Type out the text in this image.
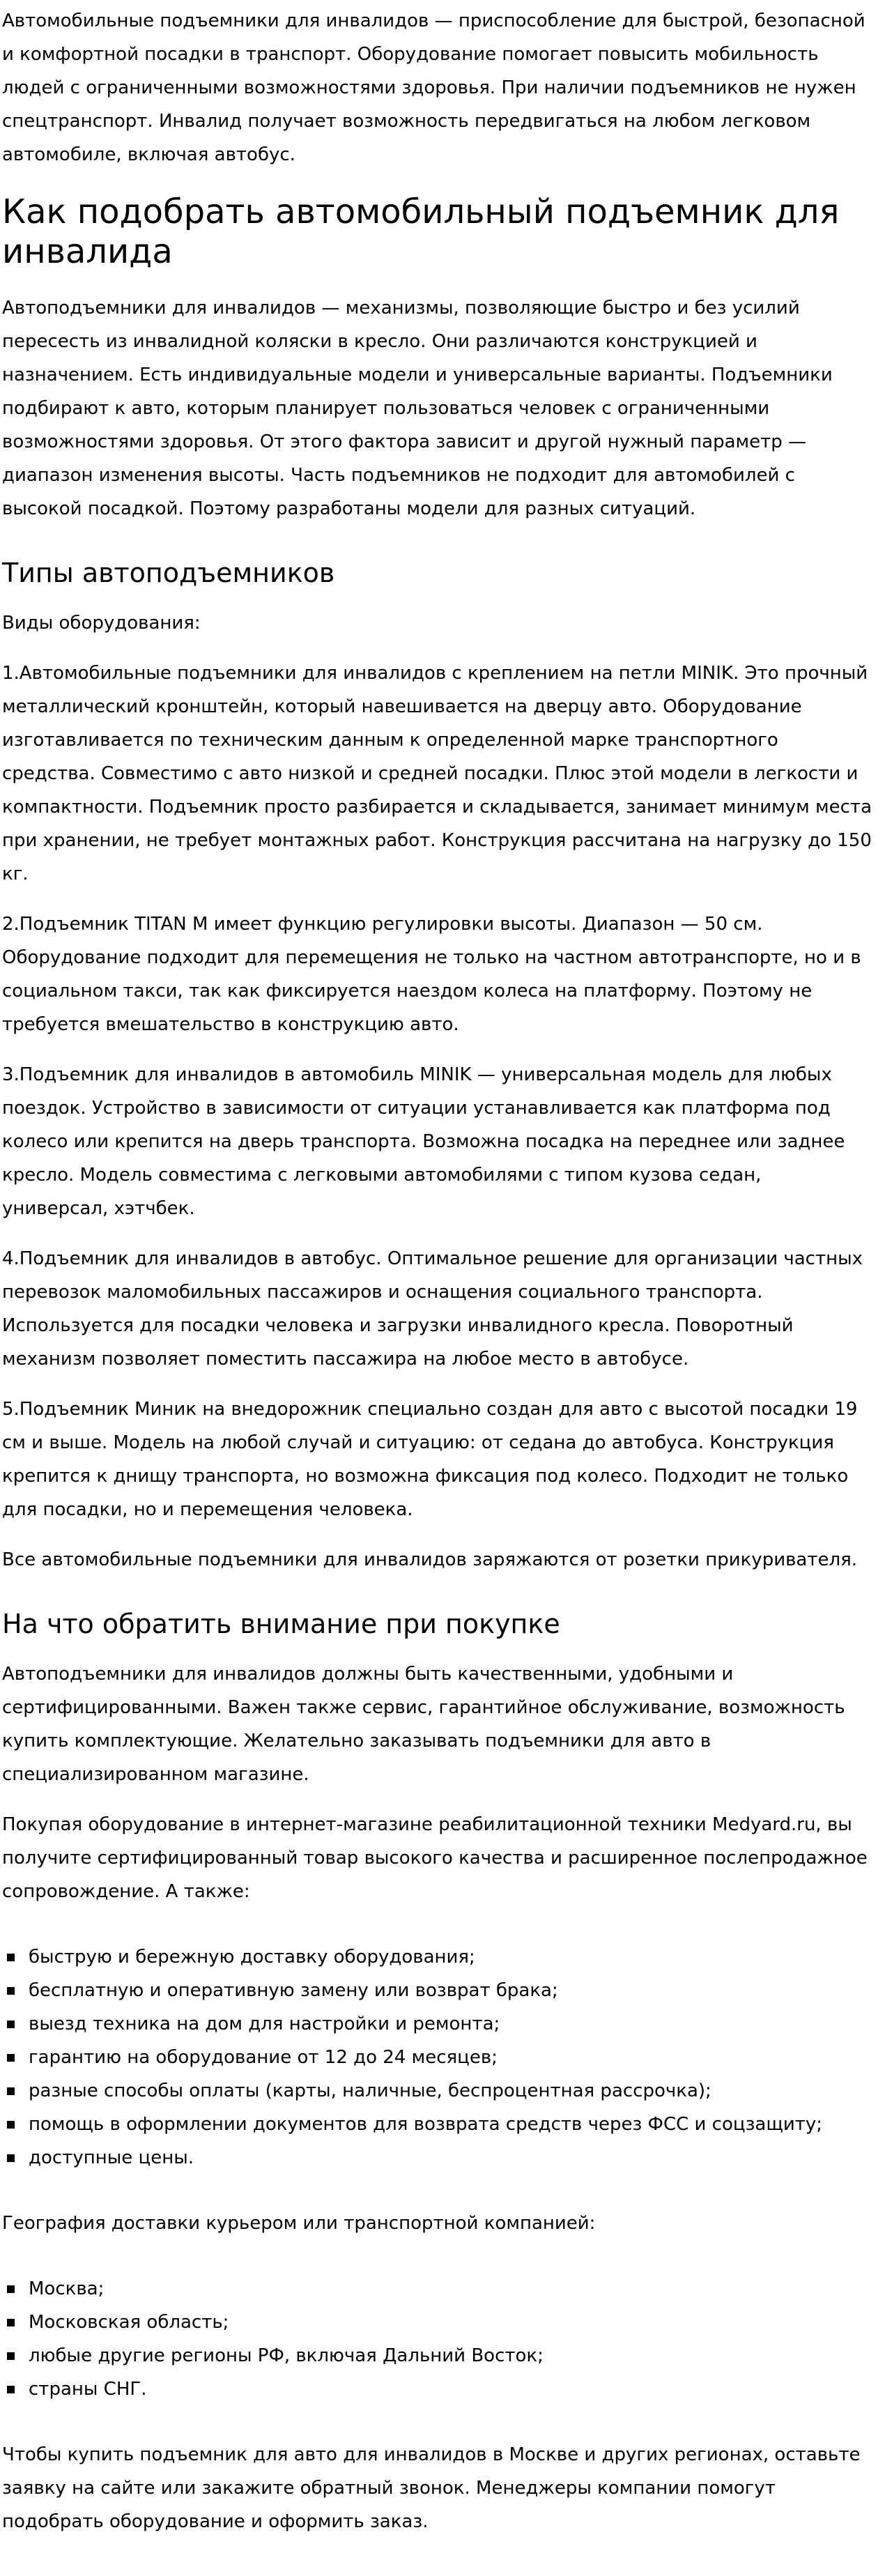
Автомобильные подъемники для инвалидов — приспособление для быстрой, безопасной и комфортной посадки в транспорт. Оборудование помогает повысить мобильность людей с ограниченными возможностями здоровья. При наличии подъемников не нужен спецтранспорт. Инвалид получает возможность передвигаться на любом легковом автомобиле, включая автобус.

Как подобрать автомобильный подъемник для инвалида

Автоподъемники для инвалидов — механизмы, позволяющие быстро и без усилий пересесть из инвалидной коляски в кресло. Они различаются конструкцией и назначением. Есть индивидуальные модели и универсальные варианты. Подъемники подбирают к авто, которым планирует пользоваться человек с ограниченными возможностями здоровья. От этого фактора зависит и другой нужный параметр — диапазон изменения высоты. Часть подъемников не подходит для автомобилей с высокой посадкой. Поэтому разработаны модели для разных ситуаций.

Типы автоподъемников

Виды оборудования:

1.Автомобильные подъемники для инвалидов с креплением на петли MINIK. Это прочный металлический кронштейн, который навешивается на дверцу авто. Оборудование изготавливается по техническим данным к определенной марке транспортного средства. Совместимо с авто низкой и средней посадки. Плюс этой модели в легкости и компактности. Подъемник просто разбирается и складывается, занимает минимум места при хранении, не требует монтажных работ. Конструкция рассчитана на нагрузку до 150 кг.

2.Подъемник TITAN M имеет функцию регулировки высоты. Диапазон — 50 см. Оборудование подходит для перемещения не только на частном автотранспорте, но и в социальном такси, так как фиксируется наездом колеса на платформу. Поэтому не требуется вмешательство в конструкцию авто.

3.Подъемник для инвалидов в автомобиль MINIK — универсальная модель для любых поездок. Устройство в зависимости от ситуации устанавливается как платформа под колесо или крепится на дверь транспорта. Возможна посадка на переднее или заднее кресло. Модель совместима с легковыми автомобилями с типом кузова седан, универсал, хэтчбек.

4.Подъемник для инвалидов в автобус. Оптимальное решение для организации частных перевозок маломобильных пассажиров и оснащения социального транспорта. Используется для посадки человека и загрузки инвалидного кресла. Поворотный механизм позволяет поместить пассажира на любое место в автобусе.

5.Подъемник Миник на внедорожник специально создан для авто с высотой посадки 19 см и выше. Модель на любой случай и ситуацию: от седана до автобуса. Конструкция крепится к днищу транспорта, но возможна фиксация под колесо. Подходит не только для посадки, но и перемещения человека.

Все автомобильные подъемники для инвалидов заряжаются от розетки прикуривателя.

На что обратить внимание при покупке

Автоподъемники для инвалидов должны быть качественными, удобными и сертифицированными. Важен также сервис, гарантийное обслуживание, возможность купить комплектующие. Желательно заказывать подъемники для авто в специализированном магазине.

Покупая оборудование в интернет-магазине реабилитационной техники Medyard.ru, вы получите сертифицированный товар высокого качества и расширенное послепродажное сопровождение. А также:

быструю и бережную доставку оборудования;
бесплатную и оперативную замену или возврат брака;
выезд техника на дом для настройки и ремонта;
гарантию на оборудование от 12 до 24 месяцев;
разные способы оплаты (карты, наличные, беспроцентная рассрочка);
помощь в оформлении документов для возврата средств через ФСС и соцзащиту;
доступные цены.

География доставки курьером или транспортной компанией:

Москва;
Московская область;
любые другие регионы РФ, включая Дальний Восток;
страны СНГ.

Чтобы купить подъемник для авто для инвалидов в Москве и других регионах, оставьте заявку на сайте или закажите обратный звонок. Менеджеры компании помогут подобрать оборудование и оформить заказ.
